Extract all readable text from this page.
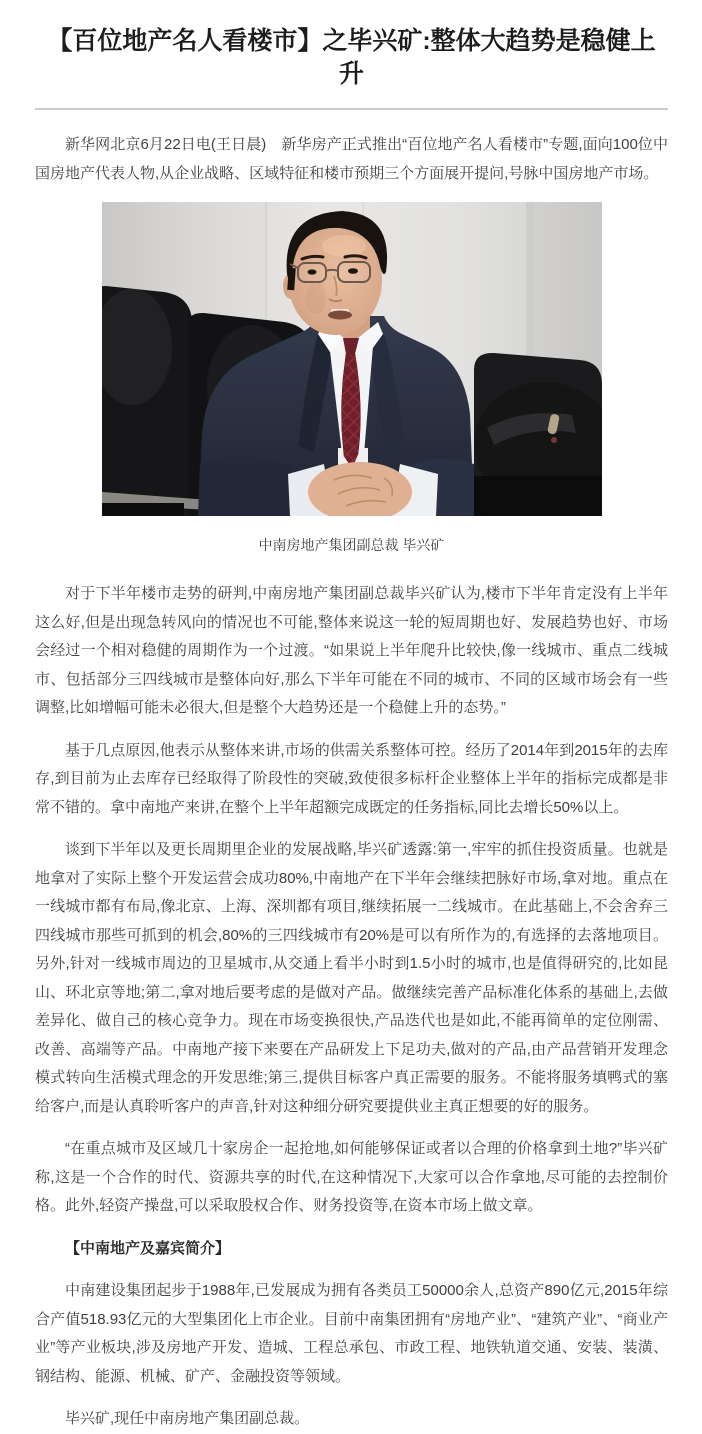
【百位地产名人看楼市】之毕兴矿:整体大趋势是稳健上升

新华网北京6月22日电(王日晨)　新华房产正式推出“百位地产名人看楼市”专题,面向100位中国房地产代表人物,从企业战略、区域特征和楼市预期三个方面展开提问,号脉中国房地产市场。

中南房地产集团副总裁 毕兴矿

对于下半年楼市走势的研判,中南房地产集团副总裁毕兴矿认为,楼市下半年肯定没有上半年这么好,但是出现急转风向的情况也不可能,整体来说这一轮的短周期也好、发展趋势也好、市场会经过一个相对稳健的周期作为一个过渡。“如果说上半年爬升比较快,像一线城市、重点二线城市、包括部分三四线城市是整体向好,那么下半年可能在不同的城市、不同的区域市场会有一些调整,比如增幅可能未必很大,但是整个大趋势还是一个稳健上升的态势。”

基于几点原因,他表示从整体来讲,市场的供需关系整体可控。经历了2014年到2015年的去库存,到目前为止去库存已经取得了阶段性的突破,致使很多标杆企业整体上半年的指标完成都是非常不错的。拿中南地产来讲,在整个上半年超额完成既定的任务指标,同比去增长50%以上。

谈到下半年以及更长周期里企业的发展战略,毕兴矿透露:第一,牢牢的抓住投资质量。也就是地拿对了实际上整个开发运营会成功80%,中南地产在下半年会继续把脉好市场,拿对地。重点在一线城市都有布局,像北京、上海、深圳都有项目,继续拓展一二线城市。在此基础上,不会舍弃三四线城市那些可抓到的机会,80%的三四线城市有20%是可以有所作为的,有选择的去落地项目。另外,针对一线城市周边的卫星城市,从交通上看半小时到1.5小时的城市,也是值得研究的,比如昆山、环北京等地;第二,拿对地后要考虑的是做对产品。做继续完善产品标准化体系的基础上,去做差异化、做自己的核心竞争力。现在市场变换很快,产品迭代也是如此,不能再简单的定位刚需、改善、高端等产品。中南地产接下来要在产品研发上下足功夫,做对的产品,由产品营销开发理念模式转向生活模式理念的开发思维;第三,提供目标客户真正需要的服务。不能将服务填鸭式的塞给客户,而是认真聆听客户的声音,针对这种细分研究要提供业主真正想要的好的服务。

“在重点城市及区域几十家房企一起抢地,如何能够保证或者以合理的价格拿到土地?”毕兴矿称,这是一个合作的时代、资源共享的时代,在这种情况下,大家可以合作拿地,尽可能的去控制价格。此外,轻资产操盘,可以采取股权合作、财务投资等,在资本市场上做文章。

【中南地产及嘉宾简介】

中南建设集团起步于1988年,已发展成为拥有各类员工50000余人,总资产890亿元,2015年综合产值518.93亿元的大型集团化上市企业。目前中南集团拥有“房地产业”、“建筑产业”、“商业产业”等产业板块,涉及房地产开发、造城、工程总承包、市政工程、地铁轨道交通、安装、装潢、钢结构、能源、机械、矿产、金融投资等领域。

毕兴矿,现任中南房地产集团副总裁。
